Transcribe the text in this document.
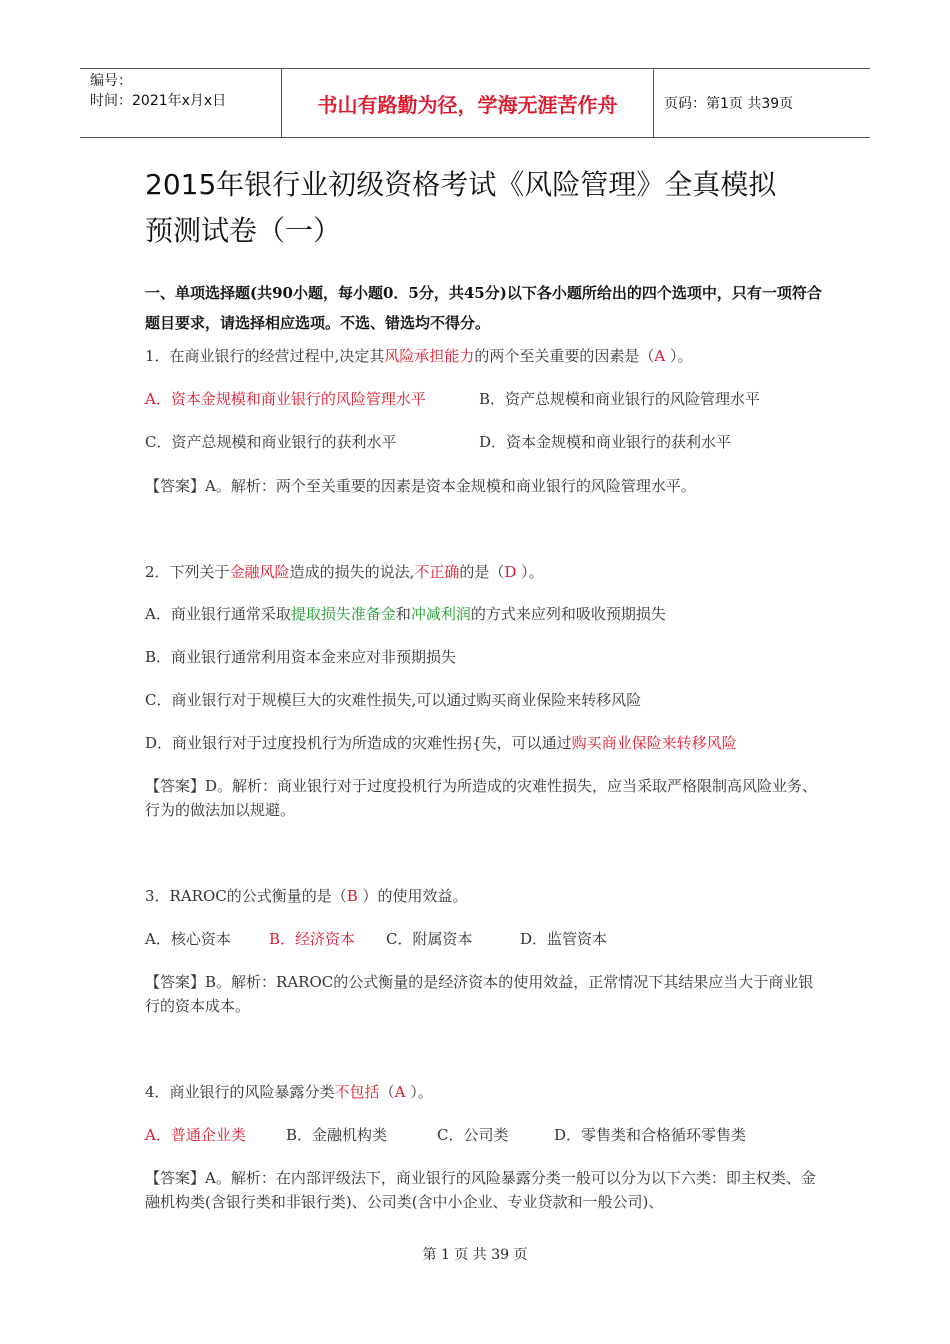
编号：
时间：2021年x月x日	书山有路勤为径，学海无涯苦作舟	页码：第1页 共39页
2015年银行业初级资格考试《风险管理》全真模拟
预测试卷（一）
一、单项选择题(共90小题，每小题0．5分，共45分)以下各小题所给出的四个选项中，只有一项符合题目要求，请选择相应选项。不选、错选均不得分。
1．在商业银行的经营过程中,决定其风险承担能力的两个至关重要的因素是（A ）。
A．资本金规模和商业银行的风险管理水平	B．资产总规模和商业银行的风险管理水平
C．资产总规模和商业银行的获利水平	D．资本金规模和商业银行的获利水平
【答案】A。解析：两个至关重要的因素是资本金规模和商业银行的风险管理水平。
2．下列关于金融风险造成的损失的说法,不正确的是（D ）。
A．商业银行通常采取提取损失准备金和冲减利润的方式来应列和吸收预期损失
B．商业银行通常利用资本金来应对非预期损失
C．商业银行对于规模巨大的灾难性损失,可以通过购买商业保险来转移风险
D．商业银行对于过度投机行为所造成的灾难性拐{失，可以通过购买商业保险来转移风险
【答案】D。解析：商业银行对于过度投机行为所造成的灾难性损失，应当采取严格限制高风险业务、行为的做法加以规避。
3．RAROC的公式衡量的是（B ）的使用效益。
A．核心资本	B．经济资本 C．附属资本	D．监管资本
【答案】B。解析：RAROC的公式衡量的是经济资本的使用效益，正常情况下其结果应当大于商业银行的资本成本。
4．商业银行的风险暴露分类不包括（A ）。
A．普通企业类	B．金融机构类	C．公司类	D．零售类和合格循环零售类
【答案】A。解析：在内部评级法下，商业银行的风险暴露分类一般可以分为以下六类：即主权类、金融机构类(含银行类和非银行类)、公司类(含中小企业、专业贷款和一般公司)、
第 1 页 共 39 页
